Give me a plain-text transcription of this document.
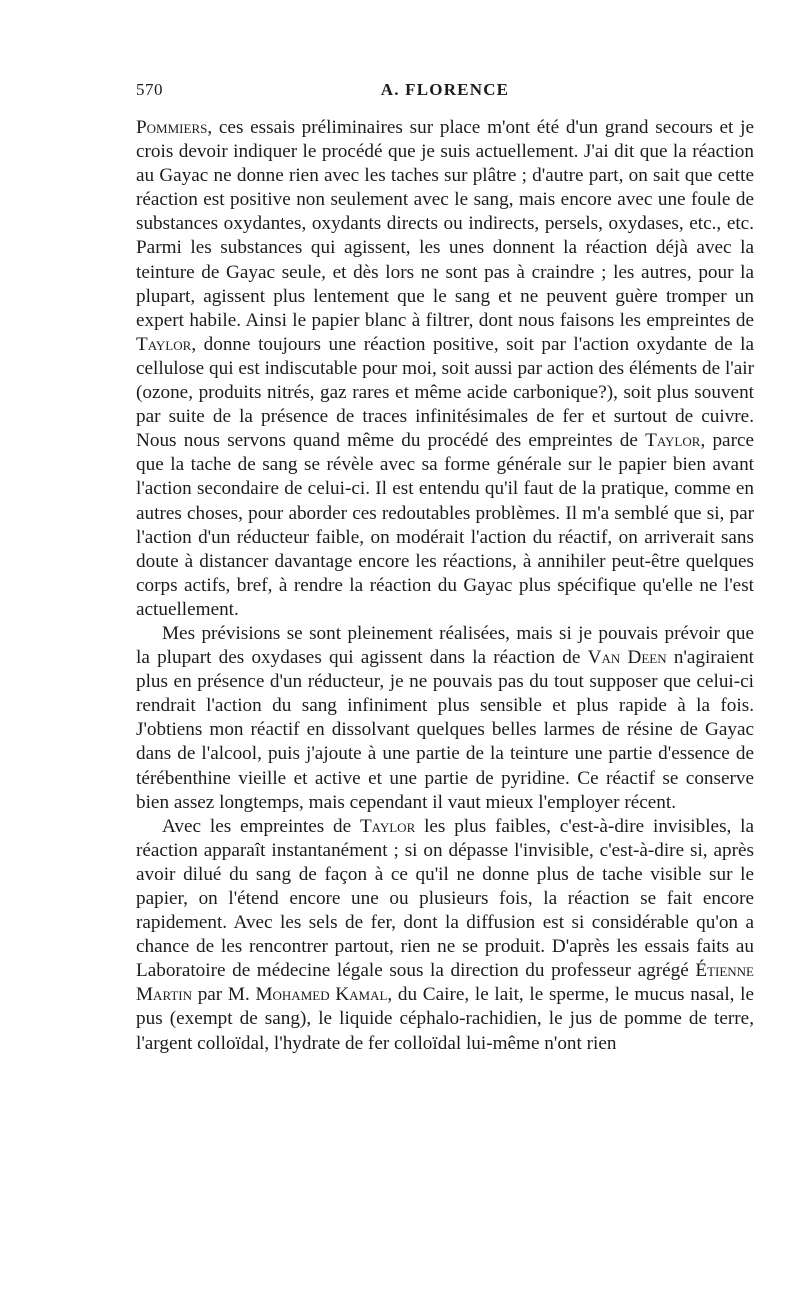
570	A. FLORENCE

Pommiers, ces essais préliminaires sur place m'ont été d'un grand secours et je crois devoir indiquer le procédé que je suis actuellement. J'ai dit que la réaction au Gayac ne donne rien avec les taches sur plâtre ; d'autre part, on sait que cette réaction est positive non seulement avec le sang, mais encore avec une foule de substances oxydantes, oxydants directs ou indirects, persels, oxydases, etc., etc. Parmi les substances qui agissent, les unes donnent la réaction déjà avec la teinture de Gayac seule, et dès lors ne sont pas à craindre ; les autres, pour la plupart, agissent plus lentement que le sang et ne peuvent guère tromper un expert habile. Ainsi le papier blanc à filtrer, dont nous faisons les empreintes de Taylor, donne toujours une réaction positive, soit par l'action oxydante de la cellulose qui est indiscutable pour moi, soit aussi par action des éléments de l'air (ozone, produits nitrés, gaz rares et même acide carbonique?), soit plus souvent par suite de la présence de traces infinitésimales de fer et surtout de cuivre. Nous nous servons quand même du procédé des empreintes de Taylor, parce que la tache de sang se révèle avec sa forme générale sur le papier bien avant l'action secondaire de celui-ci. Il est entendu qu'il faut de la pratique, comme en autres choses, pour aborder ces redoutables problèmes. Il m'a semblé que si, par l'action d'un réducteur faible, on modérait l'action du réactif, on arriverait sans doute à distancer davantage encore les réactions, à annihiler peut-être quelques corps actifs, bref, à rendre la réaction du Gayac plus spécifique qu'elle ne l'est actuellement.

Mes prévisions se sont pleinement réalisées, mais si je pouvais prévoir que la plupart des oxydases qui agissent dans la réaction de Van Deen n'agiraient plus en présence d'un réducteur, je ne pouvais pas du tout supposer que celui-ci rendrait l'action du sang infiniment plus sensible et plus rapide à la fois. J'obtiens mon réactif en dissolvant quelques belles larmes de résine de Gayac dans de l'alcool, puis j'ajoute à une partie de la teinture une partie d'essence de térébenthine vieille et active et une partie de pyridine. Ce réactif se conserve bien assez longtemps, mais cependant il vaut mieux l'employer récent.

Avec les empreintes de Taylor les plus faibles, c'est-à-dire invisibles, la réaction apparaît instantanément ; si on dépasse l'invisible, c'est-à-dire si, après avoir dilué du sang de façon à ce qu'il ne donne plus de tache visible sur le papier, on l'étend encore une ou plusieurs fois, la réaction se fait encore rapidement. Avec les sels de fer, dont la diffusion est si considérable qu'on a chance de les rencontrer partout, rien ne se produit. D'après les essais faits au Laboratoire de médecine légale sous la direction du professeur agrégé Étienne Martin par M. Mohamed Kamal, du Caire, le lait, le sperme, le mucus nasal, le pus (exempt de sang), le liquide céphalo-rachidien, le jus de pomme de terre, l'argent colloïdal, l'hydrate de fer colloïdal lui-même n'ont rien
